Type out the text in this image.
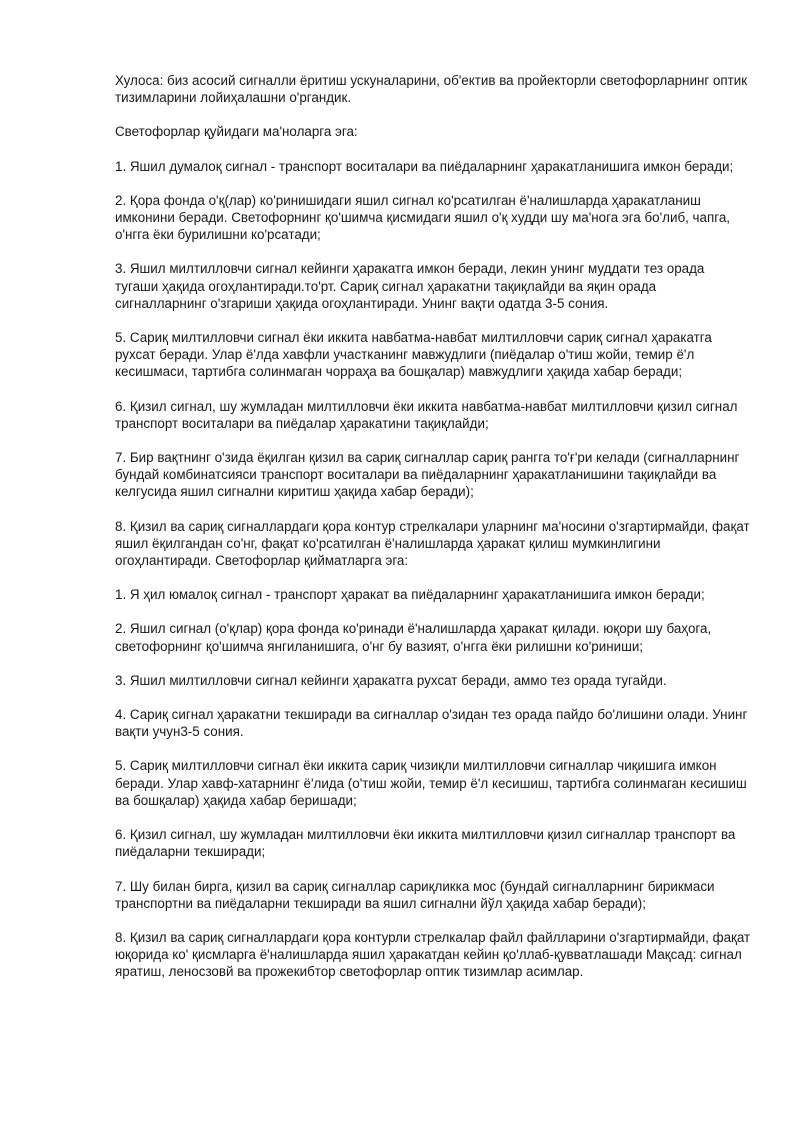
Хулоса: биз асосий сигналли ёритиш ускуналарини, об'ектив ва пройекторли светофорларнинг оптик тизимларини лойиҳалашни о'ргандик.

Светофорлар қуйидаги ма'ноларга эга:

1. Яшил думалоқ сигнал - транспорт воситалари ва пиёдаларнинг ҳаракатланишига имкон беради;

2. Қора фонда о'қ(лар) ко'ринишидаги яшил сигнал ко'рсатилган ё'налишларда ҳаракатланиш имконини беради. Светофорнинг қо'шимча қисмидаги яшил о'қ худди шу ма'нога эга бо'либ, чапга, о'нгга ёки бурилишни ко'рсатади;

3. Яшил милтилловчи сигнал кейинги ҳаракатга имкон беради, лекин унинг муддати тез орада тугаши ҳақида огоҳлантиради.то'рт. Сариқ сигнал ҳаракатни тақиқлайди ва яқин орада сигналларнинг о'згариши ҳақида огоҳлантиради. Унинг вақти одатда 3-5 сония.

5. Сариқ милтилловчи сигнал ёки иккита навбатма-навбат милтилловчи сариқ сигнал ҳаракатга рухсат беради. Улар ё'лда хавфли участканинг мавжудлиги (пиёдалар о'тиш жойи, темир ё'л кесишмаси, тартибга солинмаган чорраҳа ва бошқалар) мавжудлиги ҳақида хабар беради;

6. Қизил сигнал, шу жумладан милтилловчи ёки иккита навбатма-навбат милтилловчи қизил сигнал транспорт воситалари ва пиёдалар ҳаракатини тақиқлайди;

7. Бир вақтнинг о'зида ёқилган қизил ва сариқ сигналлар сариқ рангга то'ғ'ри келади (сигналларнинг бундай комбинатсияси транспорт воситалари ва пиёдаларнинг ҳаракатланишини тақиқлайди ва келгусида яшил сигнални киритиш ҳақида хабар беради);

8. Қизил ва сариқ сигналлардаги қора контур стрелкалари уларнинг ма'носини о'згартирмайди, фақат яшил ёқилгандан со'нг, фақат ко'рсатилган ё'налишларда ҳаракат қилиш мумкинлигини огоҳлантиради. Светофорлар қийматларга эга:

1. Я ҳил юмалоқ сигнал - транспорт ҳаракат ва пиёдаларнинг ҳаракатланишига имкон беради;

2. Яшил сигнал (о'қлар) қора фонда ко'ринади ё'налишларда ҳаракат қилади. юқори шу баҳога, светофорнинг қо'шимча янгиланишига, о'нг бу вазият, о'нгга ёки рилишни ко'риниши;

3. Яшил милтилловчи сигнал кейинги ҳаракатга рухсат беради, аммо тез орада тугайди.

4. Сариқ сигнал ҳаракатни текширади ва сигналлар о'зидан тез орада пайдо бо'лишини олади. Унинг вақти учун3-5 сония.

5. Сариқ милтилловчи сигнал ёки иккита сариқ чизиқли милтилловчи сигналлар чиқишига имкон беради. Улар хавф-хатарнинг ё'лида (о'тиш жойи, темир ё'л кесишиш, тартибга солинмаган кесишиш ва бошқалар) ҳақида хабар беришади;

6. Қизил сигнал, шу жумладан милтилловчи ёки иккита милтилловчи қизил сигналлар транспорт ва пиёдаларни текширади;

7. Шу билан бирга, қизил ва сариқ сигналлар сариқликка мос (бундай сигналларнинг бирикмаси транспортни ва пиёдаларни текширади ва яшил сигнални йўл ҳақида хабар беради);

8. Қизил ва сариқ сигналлардаги қора контурли стрелкалар файл файлларини о'згартирмайди, фақат юқорида ко' қисмларга ё'налишларда яшил ҳаракатдан кейин қо'ллаб-қувватлашади Мақсад: сигнал яратиш, леносзовй ва прожекибтор светофорлар оптик тизимлар асимлар.
